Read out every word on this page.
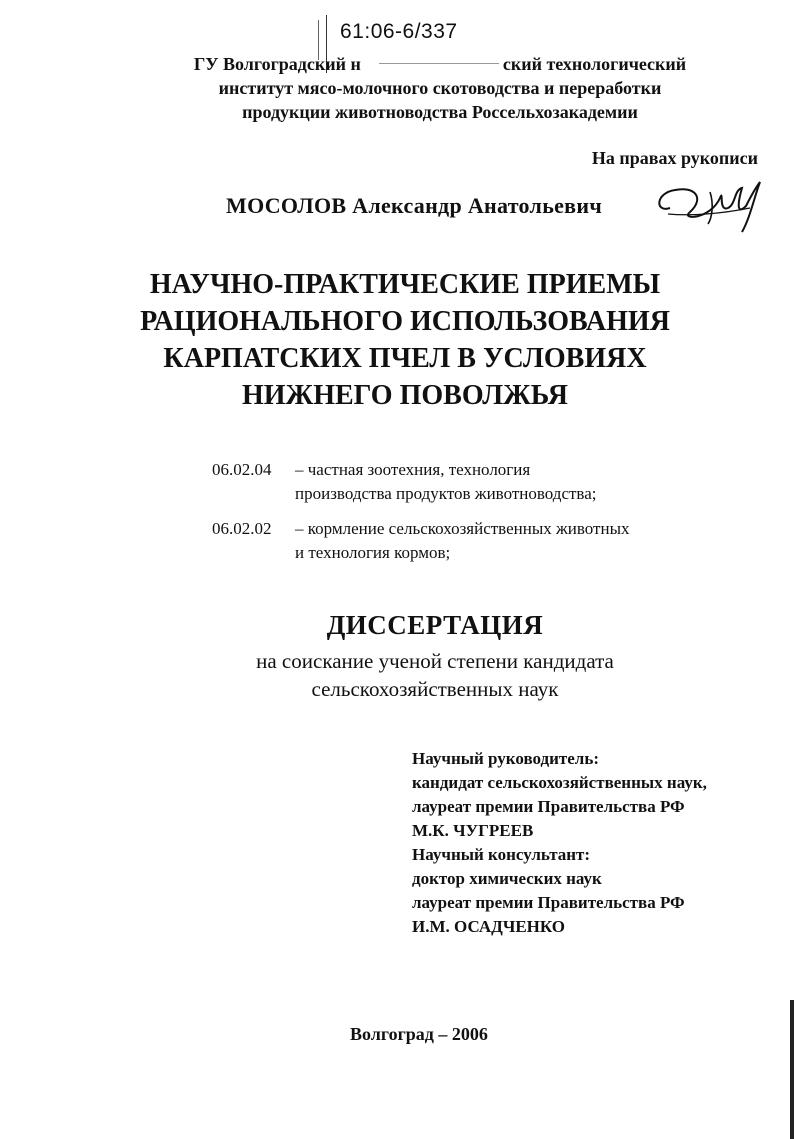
61:06-6/337
ГУ Волгоградский н	ский технологический
институт мясо-молочного скотоводства и переработки
продукции животноводства Россельхозакадемии
На правах рукописи
МОСОЛОВ Александр Анатольевич
НАУЧНО-ПРАКТИЧЕСКИЕ ПРИЕМЫ
РАЦИОНАЛЬНОГО ИСПОЛЬЗОВАНИЯ
КАРПАТСКИХ ПЧЕЛ В УСЛОВИЯХ
НИЖНЕГО ПОВОЛЖЬЯ
06.02.04 – частная зоотехния, технология
производства продуктов животноводства;
06.02.02 – кормление сельскохозяйственных животных
и технология кормов;
ДИССЕРТАЦИЯ
на соискание ученой степени кандидата
сельскохозяйственных наук
Научный руководитель:
кандидат сельскохозяйственных наук,
лауреат премии Правительства РФ
М.К. ЧУГРЕЕВ
Научный консультант:
доктор химических наук
лауреат премии Правительства РФ
И.М. ОСАДЧЕНКО
Волгоград – 2006
